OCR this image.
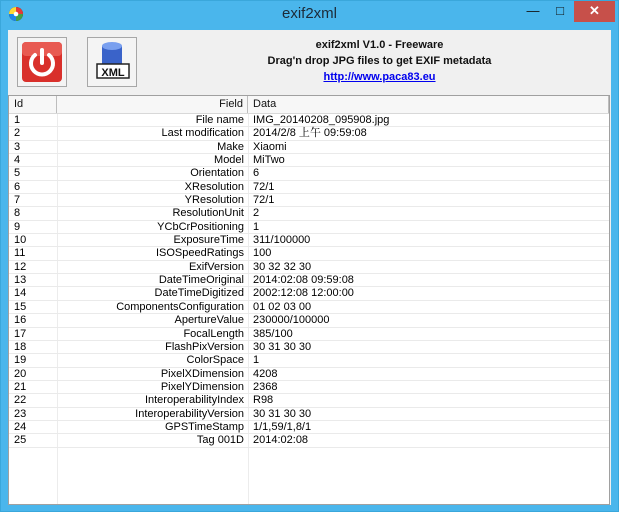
exif2xml	—	□	✕
XML
exif2xml V1.0 - Freeware
Drag'n drop JPG files to get EXIF metadata
http://www.paca83.eu
Id	Field Data
1	File name IMG_20140208_095908.jpg
2	Last modification 2014/2/8 上午 09:59:08
3	Make Xiaomi
4	Model MiTwo
5	Orientation 6
6	XResolution 72/1
7	YResolution 72/1
8	ResolutionUnit 2
9	YCbCrPositioning 1
10	ExposureTime 311/100000
11	ISOSpeedRatings 100
12	ExifVersion 30 32 32 30
13	DateTimeOriginal 2014:02:08 09:59:08
14	DateTimeDigitized 2002:12:08 12:00:00
15	ComponentsConfiguration 01 02 03 00
16	ApertureValue 230000/100000
17	FocalLength 385/100
18	FlashPixVersion 30 31 30 30
19	ColorSpace 1
20	PixelXDimension 4208
21	PixelYDimension 2368
22	InteroperabilityIndex R98
23	InteroperabilityVersion 30 31 30 30
24	GPSTimeStamp 1/1,59/1,8/1
25	Tag 001D 2014:02:08
